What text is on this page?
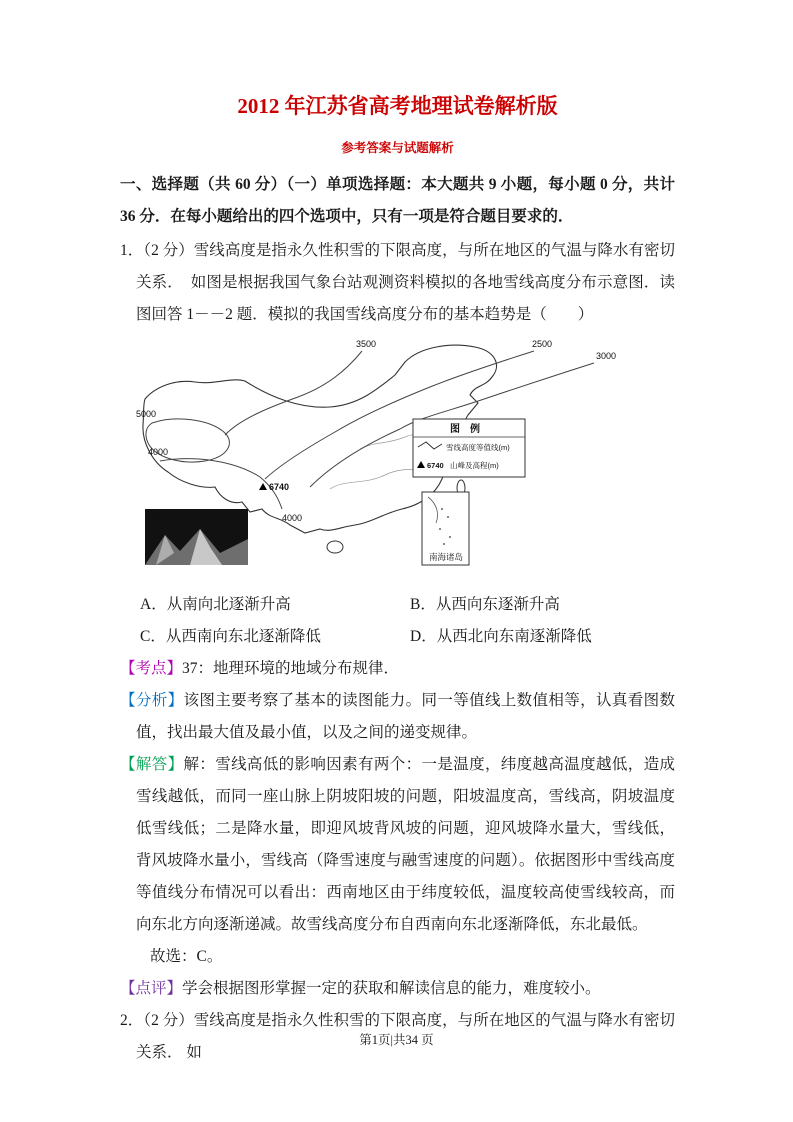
2012 年江苏省高考地理试卷解析版
参考答案与试题解析

一、选择题（共 60 分）（一）单项选择题：本大题共 9 小题，每小题 0 分，共计 36 分．在每小题给出的四个选项中，只有一项是符合题目要求的．

1．（2 分）雪线高度是指永久性积雪的下限高度，与所在地区的气温与降水有密切关系．　如图是根据我国气象台站观测资料模拟的各地雪线高度分布示意图．读图回答 1－－2 题．模拟的我国雪线高度分布的基本趋势是（　　）

3500	2500
3000
5000
4000
4000
6740
图　例
雪线高度等值线(m)
6740 山峰及高程(m)
梅里雪山
南海诸岛
A．从南向北逐渐升高	B．从西向东逐渐升高
C．从西南向东北逐渐降低	D．从西北向东南逐渐降低

【考点】37：地理环境的地域分布规律．

【分析】该图主要考察了基本的读图能力。同一等值线上数值相等，认真看图数值，找出最大值及最小值，以及之间的递变规律。

【解答】解：雪线高低的影响因素有两个：一是温度，纬度越高温度越低，造成雪线越低，而同一座山脉上阴坡阳坡的问题，阳坡温度高，雪线高，阴坡温度低雪线低；二是降水量，即迎风坡背风坡的问题，迎风坡降水量大，雪线低，背风坡降水量小，雪线高（降雪速度与融雪速度的问题）。依据图形中雪线高度等值线分布情况可以看出：西南地区由于纬度较低，温度较高使雪线较高，而向东北方向逐渐递减。故雪线高度分布自西南向东北逐渐降低，东北最低。

故选：C。

【点评】学会根据图形掌握一定的获取和解读信息的能力，难度较小。

2．（2 分）雪线高度是指永久性积雪的下限高度，与所在地区的气温与降水有密切关系． 如

第1页|共34 页
